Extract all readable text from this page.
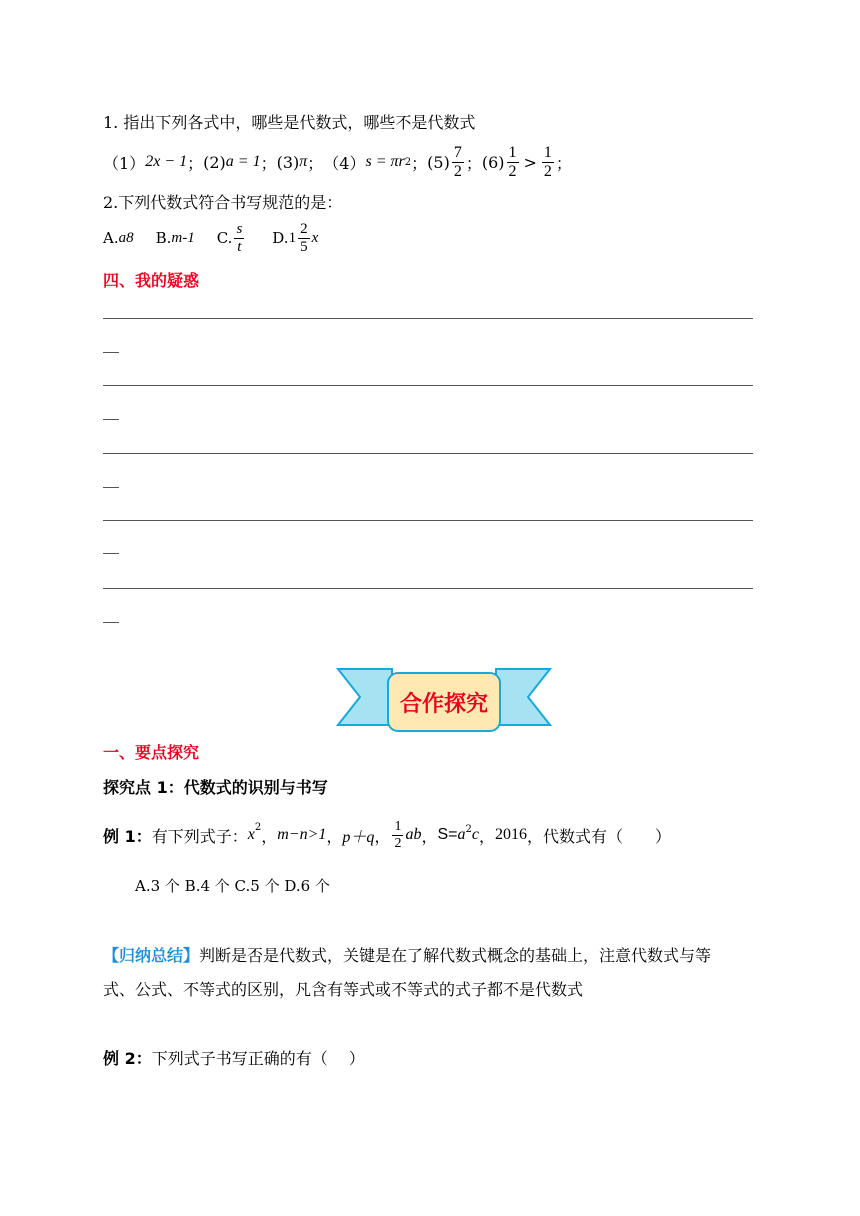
1. 指出下列各式中，哪些是代数式，哪些不是代数式
（1） 2x − 1 ； (2) a = 1 ； (3) π ； （4） s = πr 2 ； $(5) \frac{7}{2}$ ； $(6) \frac{1}{2} > \frac{1}{2}$ ；
2.下列代数式符合书写规范的是：
A. a8 B. m-1 C. $\frac{s}{t} D$. $1 \frac{2}{5}$ x
四、我的疑惑
合作探究
一、要点探究
探究点 1：代数式的识别与书写
例 1： 有下列式子： $x^2$ ， m−n>1 ， p＋q ， $\frac{1}{2}$ ab ， $S= a^2$ c ， 2016 ，代数式有（　　）
A.3 个 B.4 个 C.5 个 D.6 个
【归纳总结】判断是否是代数式，关键是在了解代数式概念的基础上，注意代数式与等
式、公式、不等式的区别，凡含有等式或不等式的式子都不是代数式
例 2：下列式子书写正确的有（　 ）
